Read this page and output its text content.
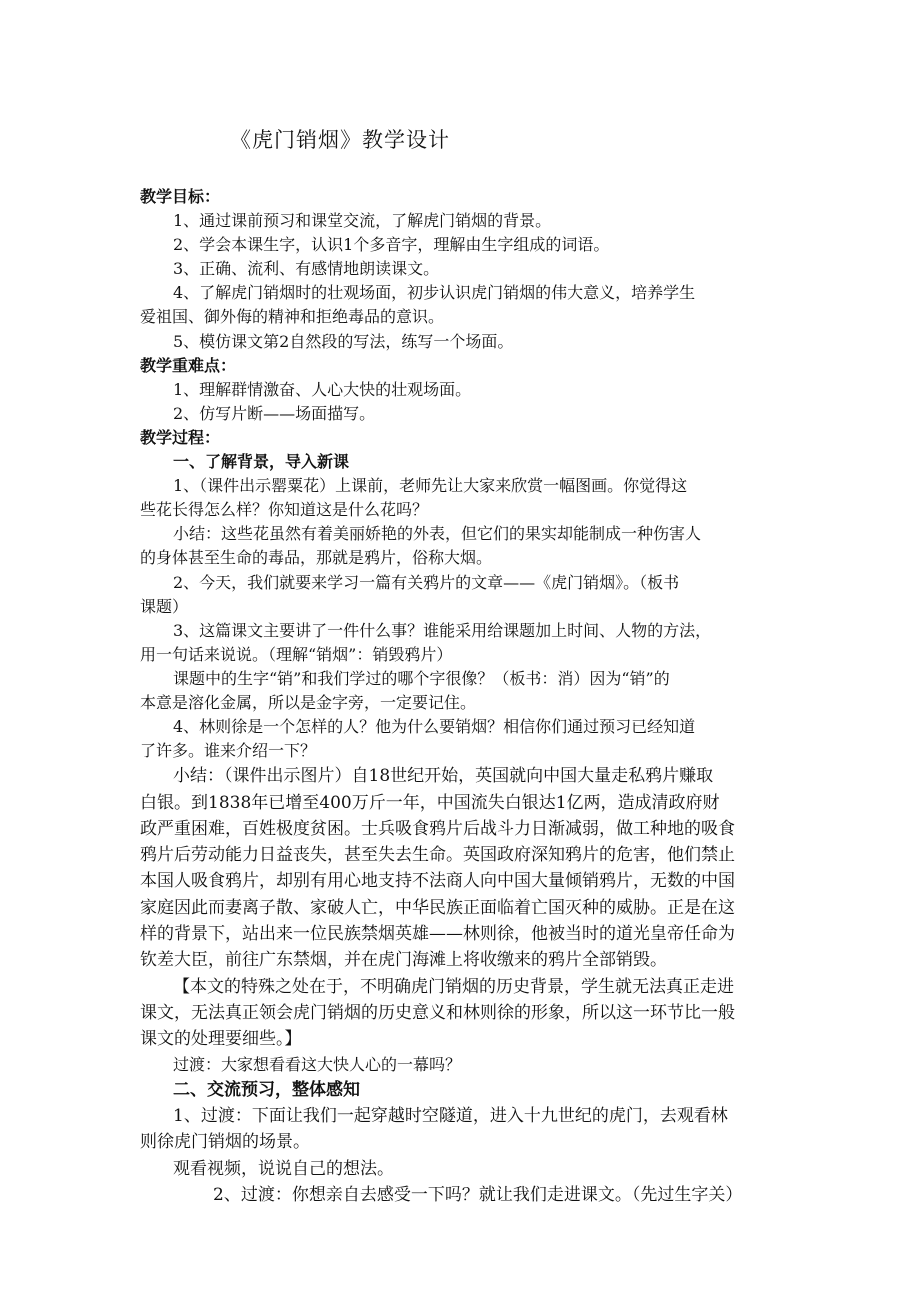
《虎门销烟》教学设计

教学目标：

1、通过课前预习和课堂交流，了解虎门销烟的背景。

2、学会本课生字，认识1个多音字，理解由生字组成的词语。

3、正确、流利、有感情地朗读课文。

4、了解虎门销烟时的壮观场面，初步认识虎门销烟的伟大意义，培养学生

爱祖国、御外侮的精神和拒绝毒品的意识。

5、模仿课文第2自然段的写法，练写一个场面。

教学重难点：

1、理解群情激奋、人心大快的壮观场面。

2、仿写片断——场面描写。

教学过程：

一、了解背景，导入新课

1、（课件出示罂粟花）上课前，老师先让大家来欣赏一幅图画。你觉得这

些花长得怎么样？你知道这是什么花吗？

小结：这些花虽然有着美丽娇艳的外表，但它们的果实却能制成一种伤害人

的身体甚至生命的毒品，那就是鸦片，俗称大烟。

2、今天，我们就要来学习一篇有关鸦片的文章——《虎门销烟》。（板书

课题）

3、这篇课文主要讲了一件什么事？谁能采用给课题加上时间、人物的方法，

用一句话来说说。（理解“销烟”：销毁鸦片）

课题中的生字“销”和我们学过的哪个字很像？（板书：消）因为“销”的

本意是溶化金属，所以是金字旁，一定要记住。

4、林则徐是一个怎样的人？他为什么要销烟？相信你们通过预习已经知道

了许多。谁来介绍一下？

小结：（课件出示图片）自18世纪开始，英国就向中国大量走私鸦片赚取

白银。到1838年已增至400万斤一年，中国流失白银达1亿两，造成清政府财

政严重困难，百姓极度贫困。士兵吸食鸦片后战斗力日渐减弱，做工种地的吸食

鸦片后劳动能力日益丧失，甚至失去生命。英国政府深知鸦片的危害，他们禁止

本国人吸食鸦片，却别有用心地支持不法商人向中国大量倾销鸦片，无数的中国

家庭因此而妻离子散、家破人亡，中华民族正面临着亡国灭种的威胁。正是在这

样的背景下，站出来一位民族禁烟英雄——林则徐，他被当时的道光皇帝任命为

钦差大臣，前往广东禁烟，并在虎门海滩上将收缴来的鸦片全部销毁。

【本文的特殊之处在于，不明确虎门销烟的历史背景，学生就无法真正走进

课文，无法真正领会虎门销烟的历史意义和林则徐的形象，所以这一环节比一般

课文的处理要细些。】

过渡：大家想看看这大快人心的一幕吗？

二、交流预习，整体感知

1、过渡：下面让我们一起穿越时空隧道，进入十九世纪的虎门，去观看林

则徐虎门销烟的场景。

观看视频，说说自己的想法。

2、过渡：你想亲自去感受一下吗？就让我们走进课文。（先过生字关）
